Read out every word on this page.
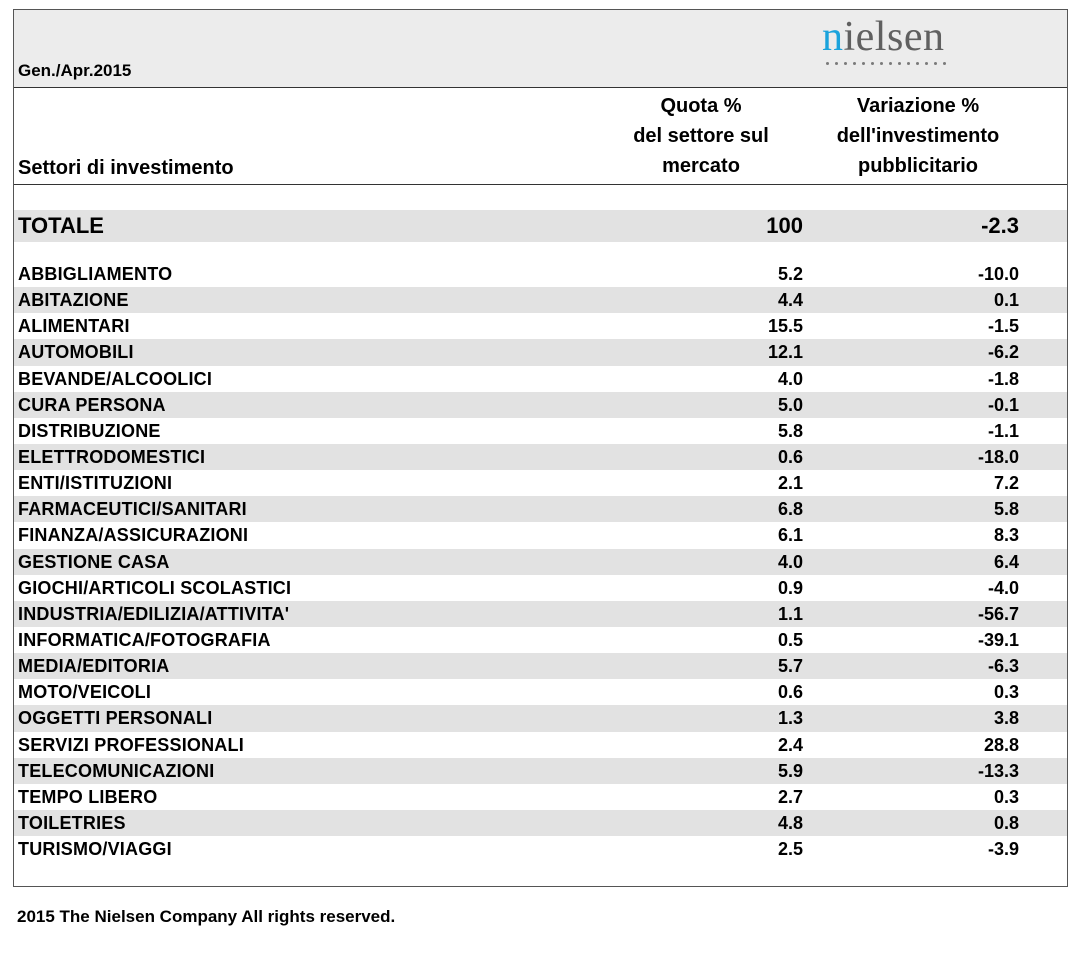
Gen./Apr.2015
nielsen
Settori di investimento
Quota %
del settore sul
mercato
Variazione %
dell'investimento
pubblicitario
TOTALE	100	-2.3
ABBIGLIAMENTO	5.2	-10.0
ABITAZIONE	4.4	0.1
ALIMENTARI	15.5	-1.5
AUTOMOBILI	12.1	-6.2
BEVANDE/ALCOOLICI	4.0	-1.8
CURA PERSONA	5.0	-0.1
DISTRIBUZIONE	5.8	-1.1
ELETTRODOMESTICI	0.6	-18.0
ENTI/ISTITUZIONI	2.1	7.2
FARMACEUTICI/SANITARI	6.8	5.8
FINANZA/ASSICURAZIONI	6.1	8.3
GESTIONE CASA	4.0	6.4
GIOCHI/ARTICOLI SCOLASTICI	0.9	-4.0
INDUSTRIA/EDILIZIA/ATTIVITA'	1.1	-56.7
INFORMATICA/FOTOGRAFIA	0.5	-39.1
MEDIA/EDITORIA	5.7	-6.3
MOTO/VEICOLI	0.6	0.3
OGGETTI PERSONALI	1.3	3.8
SERVIZI PROFESSIONALI	2.4	28.8
TELECOMUNICAZIONI	5.9	-13.3
TEMPO LIBERO	2.7	0.3
TOILETRIES	4.8	0.8
TURISMO/VIAGGI	2.5	-3.9
2015 The Nielsen Company All rights reserved.
